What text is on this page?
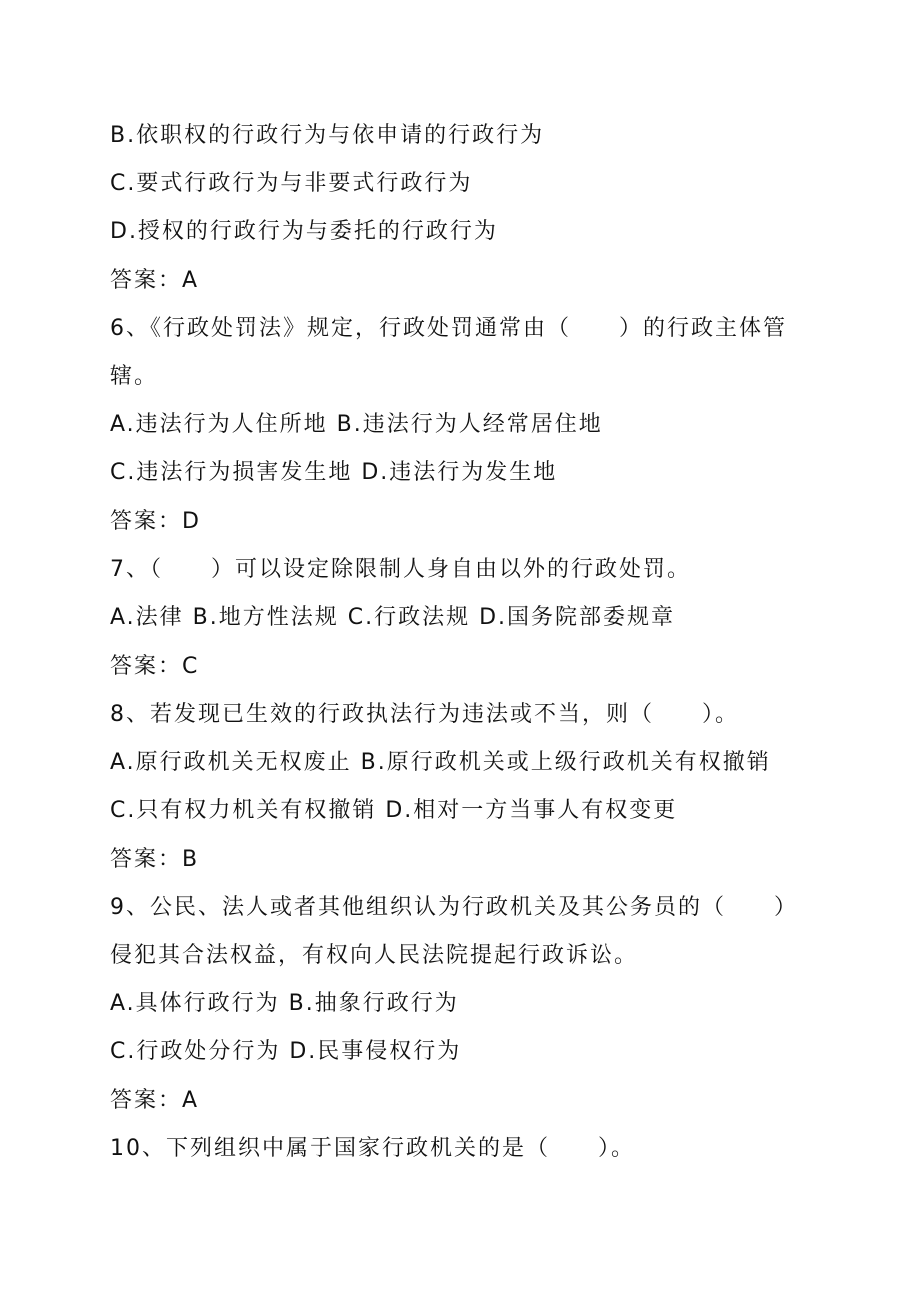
B.依职权的行政行为与依申请的行政行为
C.要式行政行为与非要式行政行为
D.授权的行政行为与委托的行政行为
答案：A
6、《行政处罚法》规定，行政处罚通常由（　　）的行政主体管
辖。
A.违法行为人住所地 B.违法行为人经常居住地
C.违法行为损害发生地 D.违法行为发生地
答案：D
7、（　　）可以设定除限制人身自由以外的行政处罚。
A.法律 B.地方性法规 C.行政法规 D.国务院部委规章
答案：C
8、若发现已生效的行政执法行为违法或不当，则（　　）。
A.原行政机关无权废止 B.原行政机关或上级行政机关有权撤销
C.只有权力机关有权撤销 D.相对一方当事人有权变更
答案：B
9、公民、法人或者其他组织认为行政机关及其公务员的（　　）
侵犯其合法权益，有权向人民法院提起行政诉讼。
A.具体行政行为 B.抽象行政行为
C.行政处分行为 D.民事侵权行为
答案：A
10、下列组织中属于国家行政机关的是（　　）。
